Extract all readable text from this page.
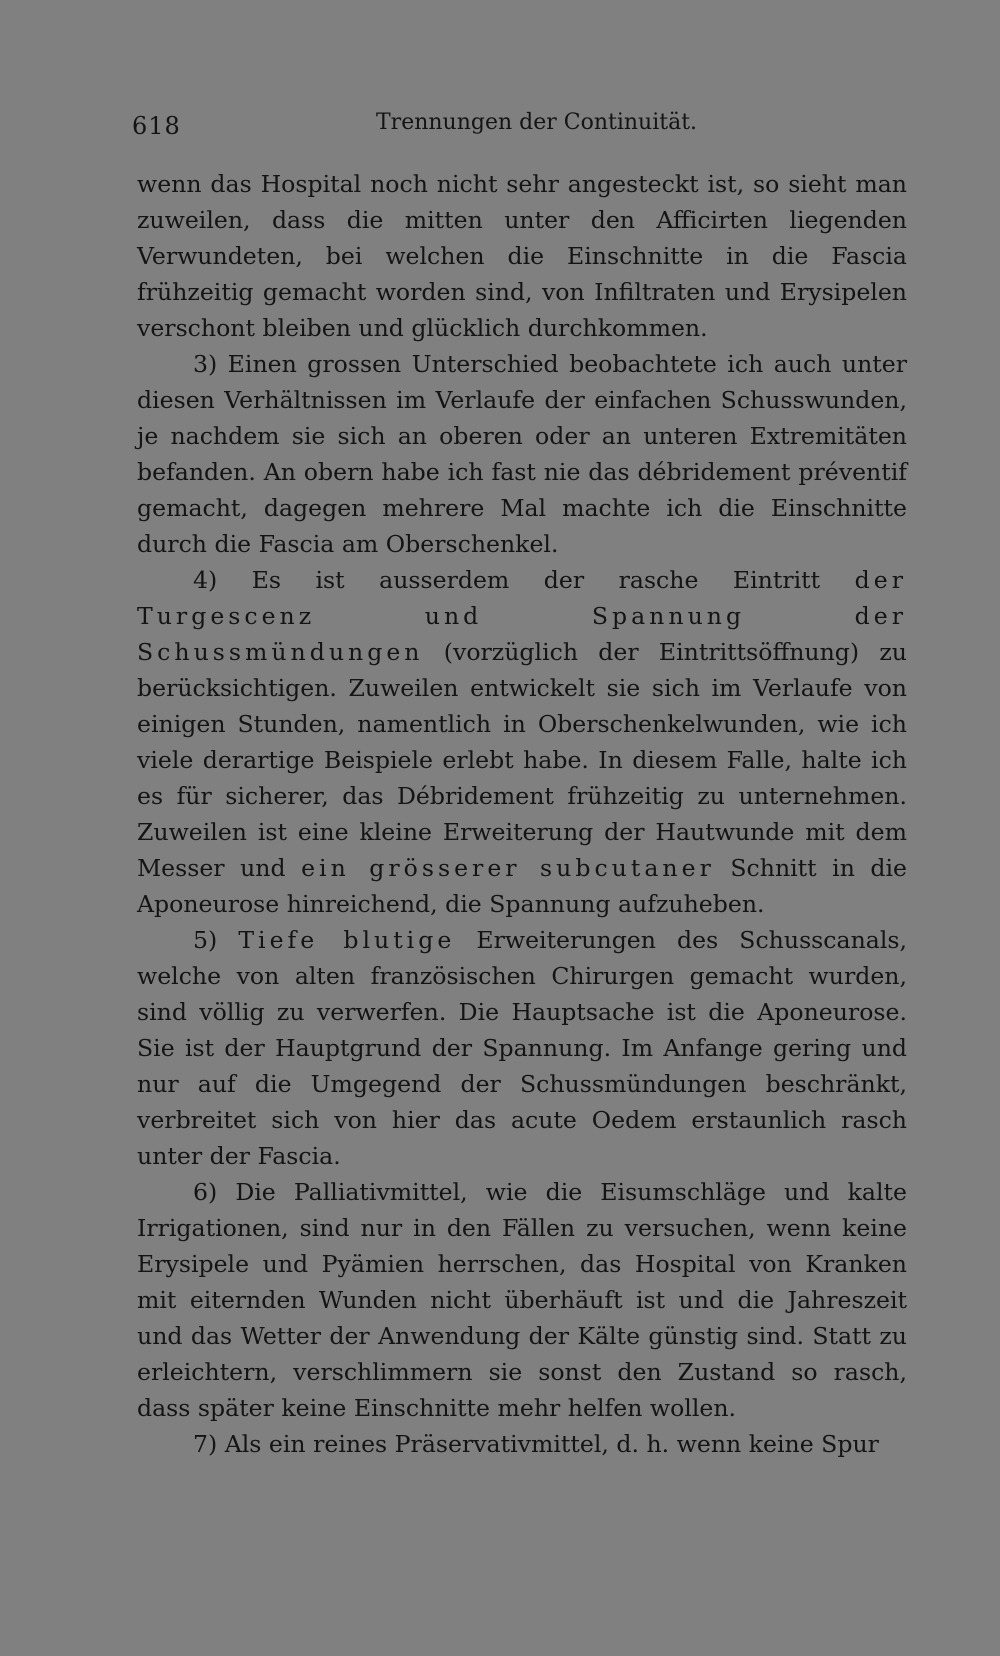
618	Trennungen der Continuität.

wenn das Hospital noch nicht sehr angesteckt ist, so sieht man zuweilen, dass die mitten unter den Afficirten liegenden Verwundeten, bei welchen die Einschnitte in die Fascia frühzeitig gemacht worden sind, von Infiltraten und Erysipelen verschont bleiben und glücklich durchkommen.

3) Einen grossen Unterschied beobachtete ich auch unter diesen Verhältnissen im Verlaufe der einfachen Schusswunden, je nachdem sie sich an oberen oder an unteren Extremitäten befanden. An obern habe ich fast nie das débridement préventif gemacht, dagegen mehrere Mal machte ich die Einschnitte durch die Fascia am Oberschenkel.

4) Es ist ausserdem der rasche Eintritt der Turgescenz und Spannung der Schussmündungen (vorzüglich der Eintrittsöffnung) zu berücksichtigen. Zuweilen entwickelt sie sich im Verlaufe von einigen Stunden, namentlich in Oberschenkelwunden, wie ich viele derartige Beispiele erlebt habe. In diesem Falle, halte ich es für sicherer, das Débridement frühzeitig zu unternehmen. Zuweilen ist eine kleine Erweiterung der Hautwunde mit dem Messer und ein grösserer subcutaner Schnitt in die Aponeurose hinreichend, die Spannung aufzuheben.

5) Tiefe blutige Erweiterungen des Schusscanals, welche von alten französischen Chirurgen gemacht wurden, sind völlig zu verwerfen. Die Hauptsache ist die Aponeurose. Sie ist der Hauptgrund der Spannung. Im Anfange gering und nur auf die Umgegend der Schussmündungen beschränkt, verbreitet sich von hier das acute Oedem erstaunlich rasch unter der Fascia.

6) Die Palliativmittel, wie die Eisumschläge und kalte Irrigationen, sind nur in den Fällen zu versuchen, wenn keine Erysipele und Pyämien herrschen, das Hospital von Kranken mit eiternden Wunden nicht überhäuft ist und die Jahreszeit und das Wetter der Anwendung der Kälte günstig sind. Statt zu erleichtern, verschlimmern sie sonst den Zustand so rasch, dass später keine Einschnitte mehr helfen wollen.

7) Als ein reines Präservativmittel, d. h. wenn keine Spur
